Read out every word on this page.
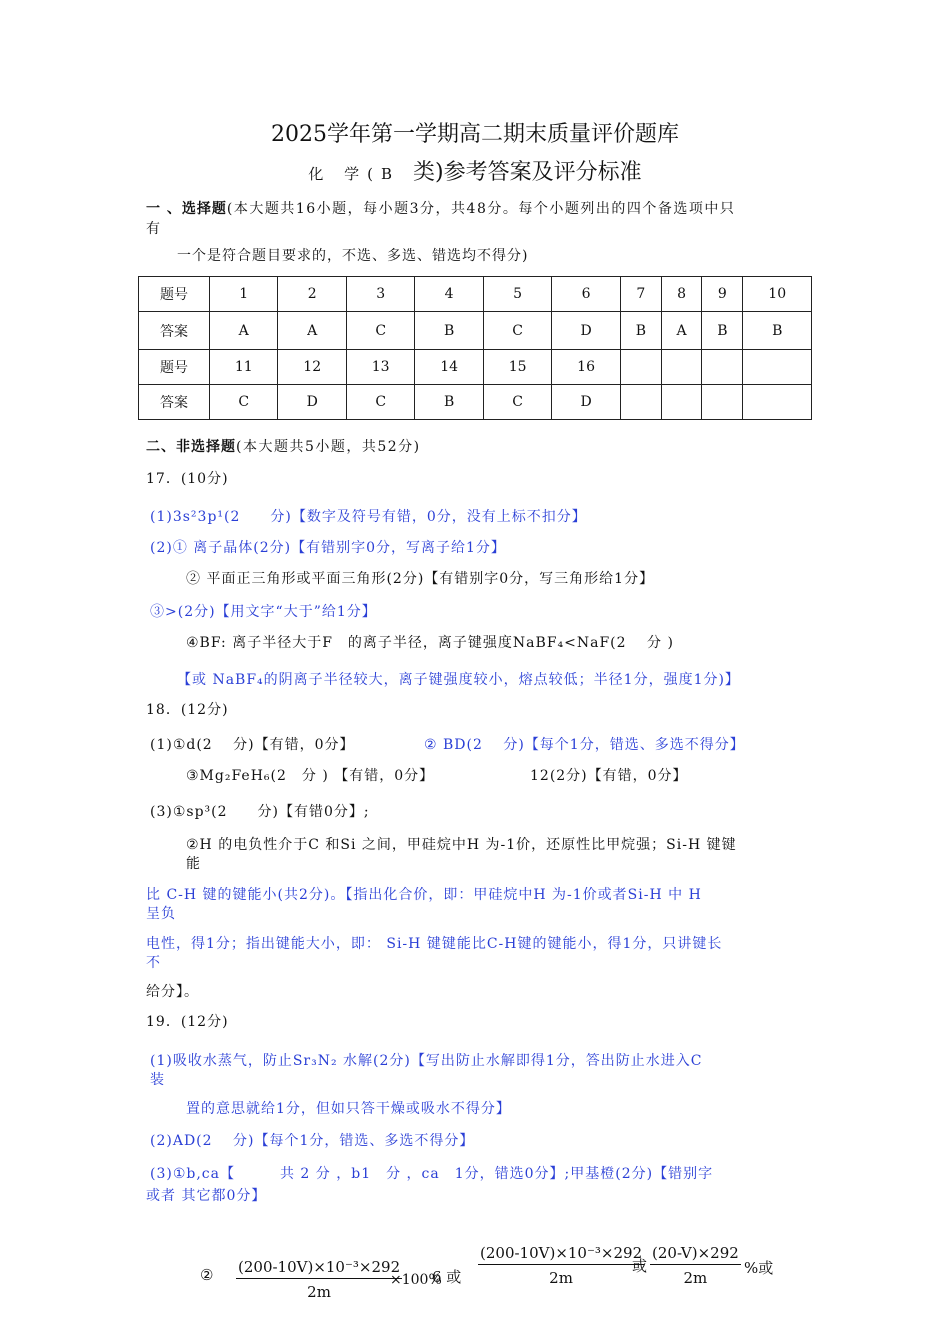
2025学年第一学期高二期末质量评价题库
化 学(B 类)参考答案及评分标准
一 、选择题(本大题共16小题，每小题3分，共48分。每个小题列出的四个备选项中只
有
一个是符合题目要求的，不选、多选、错选均不得分)
题号	1	2	3	4	5	6	7	8	9	10
答案	A	A	C	B	C	D	B	A	B	B
题号	11	12	13	14	15	16				
答案	C	D	C	B	C	D				
二、非选择题(本大题共5小题，共52分)
17．(10分)
(1)3s²3p¹(2　　分)【数字及符号有错，0分，没有上标不扣分】
(2)① 离子晶体(2分)【有错别字0分，写离子给1分】
② 平面正三角形或平面三角形(2分)【有错别字0分，写三角形给1分】
③>(2分)【用文字“大于”给1分】
④BF: 离子半径大于F　的离子半径，离子键强度NaBF₄<NaF(2　 分 )
【或 NaBF₄的阴离子半径较大，离子键强度较小，熔点较低；半径1分，强度1分)】
18．(12分)
(1)①d(2　 分)【有错，0分】	② BD(2　 分)【每个1分，错选、多选不得分】
③Mg₂FeH₆(2　分 ) 【有错，0分】	12(2分)【有错，0分】
(3)①sp³(2　　分)【有错0分】;
②H 的电负性介于C 和Si 之间，甲硅烷中H 为-1价，还原性比甲烷强；Si-H 键键
能
比 C-H 键的键能小(共2分)。【指出化合价，即：甲硅烷中H 为-1价或者Si-H 中 H
呈负
电性，得1分；指出键能大小，即： Si-H 键键能比C-H键的键能小，得1分，只讲键长
不
给分】。
19．(12分)
(1)吸收水蒸气，防止Sr₃N₂ 水解(2分)【写出防止水解即得1分，答出防止水进入C
装
置的意思就给1分，但如只答干燥或吸水不得分】
(2)AD(2　 分)【每个1分，错选、多选不得分】
(3)①b,ca【　　　共 2 分 ，b1　分 ，ca　1分，错选0分】;甲基橙(2分)【错别字
或者 其它都0分】
② $\frac{\text{(200-10V)×10⁻³×292}}{2m}$
×100%
6 或 $\frac{\text{(200-10V)×10⁻³×292}}{2m}$
或 $\frac{(20-V)\times 292}{2m}$ %或
